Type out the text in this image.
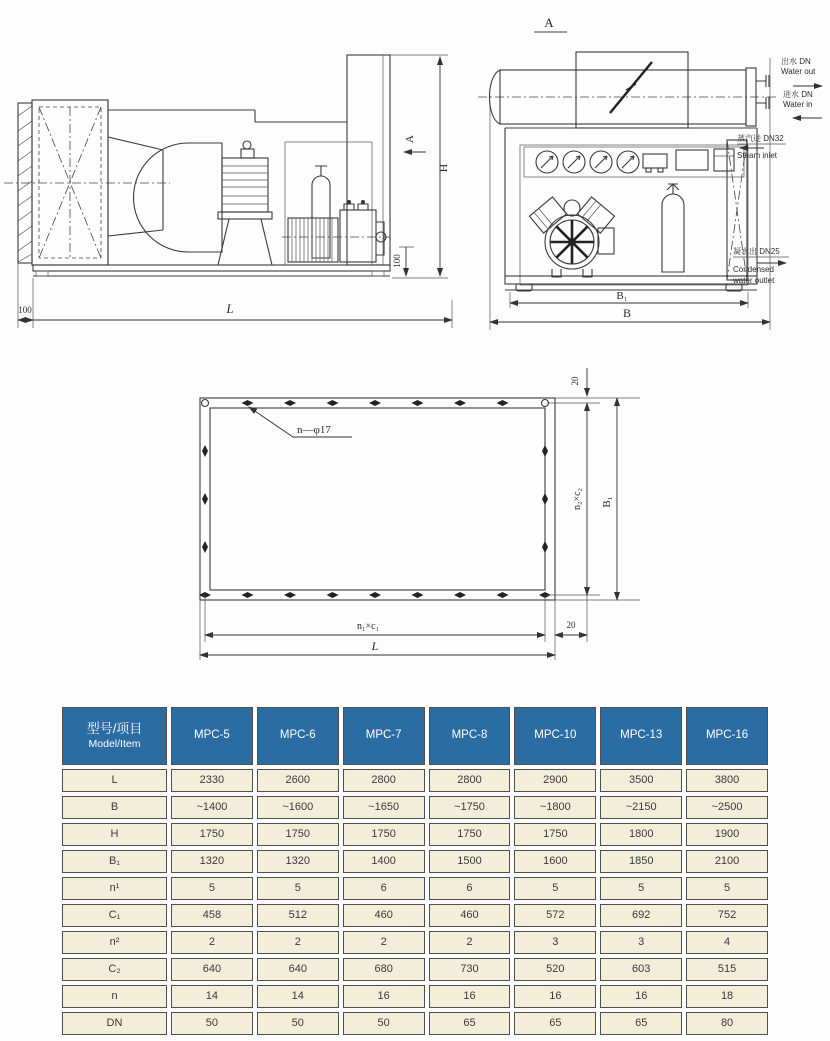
H
A
100
100	L
A
出水 DN
Water out
进水 DN
Water in
蒸汽进 DN32
Steam inlet
凝水出 DN25
Condensed
water outlet
B₁
B
n—φ17
20
n₂×c₂ B₁
n₁×c₁	20
L
型号/项目
Model/Item
MPC-5	MPC-6	MPC-7	MPC-8	MPC-10	MPC-13	MPC-16
L	2330	2600	2800	2800	2900	3500	3800
B	~1400	~1600	~1650	~1750	~1800	~2150	~2500
H	1750	1750	1750	1750	1750	1800	1900
B₁	1320	1320	1400	1500	1600	1850	2100
n¹	5	5	6	6	5	5	5
C₁	458	512	460	460	572	692	752
n²	2	2	2	2	3	3	4
C₂	640	640	680	730	520	603	515
n	14	14	16	16	16	16	18
DN	50	50	50	65	65	65	80
